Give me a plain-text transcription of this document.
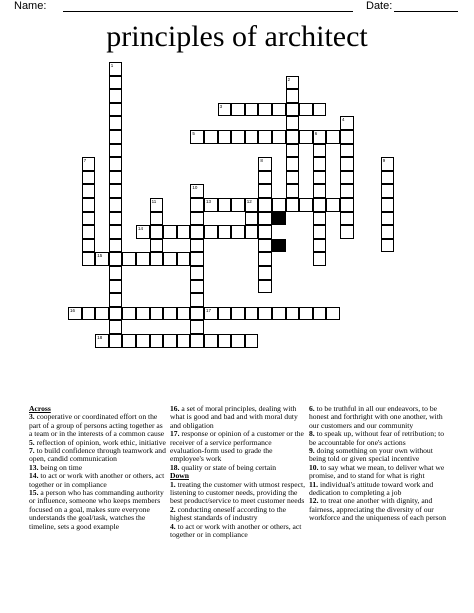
Name:	Date:
principles of architect
1
2
4
6
7	8	9
10
11	12
3
5
13
14
15
16	17
18
Across
3. cooperative or coordinated effort on the part of a group of persons acting together as a team or in the interests of a common cause
5. reflection of opinion, work ethic, initiative
7. to build confidence through teamwork and open, candid communication
13. being on time
14. to act or work with another or others, act together or in compliance
15. a person who has commanding authority or influence, someone who keeps members focused on a goal, makes sure everyone understands the goal/task, watches the timeline, sets a good example
16. a set of moral principles, dealing with what is good and bad and with moral duty and obligation
17. response or opinion of a customer or the receiver of a service performance evaluation-form used to grade the employee's work
18. quality or state of being certain
Down
1. treating the customer with utmost respect, listening to customer needs, providing the best product/service to meet customer needs
2. conducting oneself according to the highest standards of industry
4. to act or work with another or others, act together or in compliance
6. to be truthful in all our endeavors, to be honest and forthright with one another, with our customers and our community
8. to speak up, without fear of retribution; to be accountable for one's actions
9. doing something on your own without being told or given special incentive
10. to say what we mean, to deliver what we promise, and to stand for what is right
11. individual's attitude toward work and dedication to completing a job
12. to treat one another with dignity, and fairness, appreciating the diversity of our workforce and the uniqueness of each person
